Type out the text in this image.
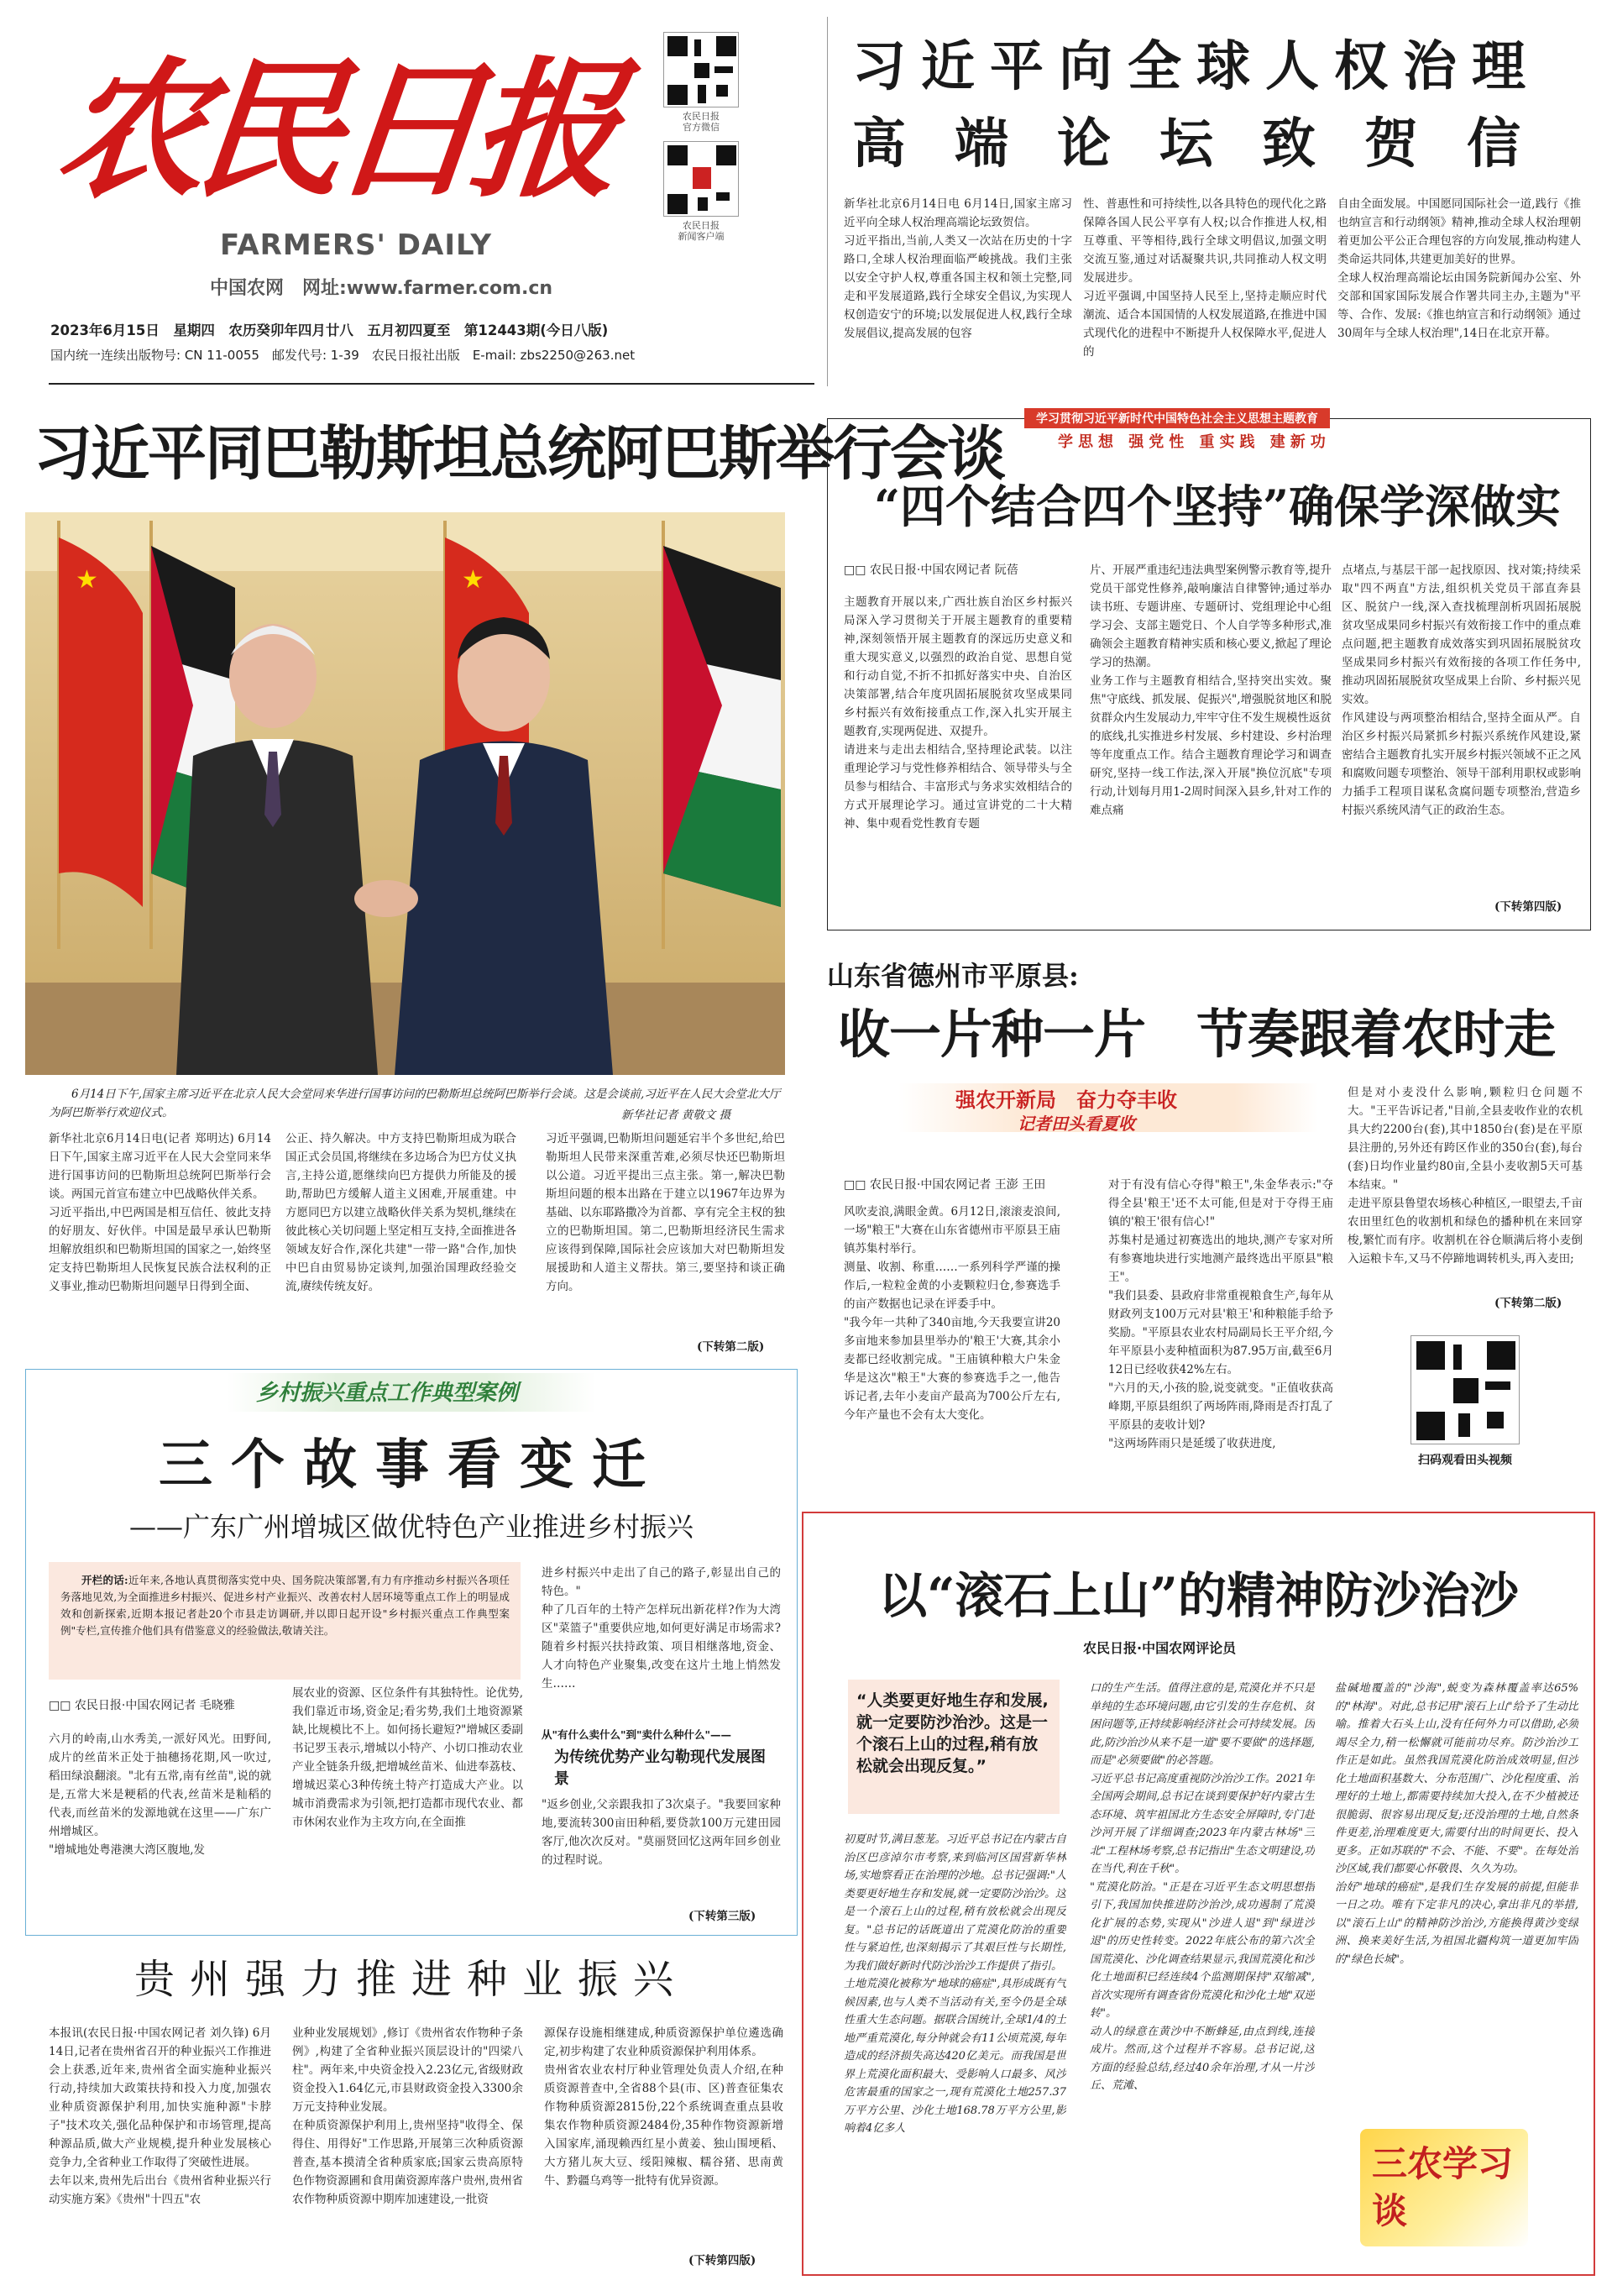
农民日报
FARMERS' DAILY
中国农网　网址:www.farmer.com.cn
农民日报
官方微信
农民日报
新闻客户端
2023年6月15日　星期四　农历癸卯年四月廿八　五月初四夏至　第12443期(今日八版)
国内统一连续出版物号: CN 11-0055　邮发代号: 1-39　农民日报社出版　E-mail: zbs2250@263.net
习近平向全球人权治理
高端论坛致贺信
新华社北京6月14日电 6月14日,国家主席习近平向全球人权治理高端论坛致贺信。
习近平指出,当前,人类又一次站在历史的十字路口,全球人权治理面临严峻挑战。我们主张以安全守护人权,尊重各国主权和领土完整,同走和平发展道路,践行全球安全倡议,为实现人权创造安宁的环境;以发展促进人权,践行全球发展倡议,提高发展的包容
性、普惠性和可持续性,以各具特色的现代化之路保障各国人民公平享有人权;以合作推进人权,相互尊重、平等相待,践行全球文明倡议,加强文明交流互鉴,通过对话凝聚共识,共同推动人权文明发展进步。
习近平强调,中国坚持人民至上,坚持走顺应时代潮流、适合本国国情的人权发展道路,在推进中国式现代化的进程中不断提升人权保障水平,促进人的
自由全面发展。中国愿同国际社会一道,践行《推也纳宣言和行动纲领》精神,推动全球人权治理朝着更加公平公正合理包容的方向发展,推动构建人类命运共同体,共建更加美好的世界。
全球人权治理高端论坛由国务院新闻办公室、外交部和国家国际发展合作署共同主办,主题为"平等、合作、发展:《推也纳宣言和行动纲领》通过30周年与全球人权治理",14日在北京开幕。
习近平同巴勒斯坦总统阿巴斯举行会谈
★	★
6月14日下午,国家主席习近平在北京人民大会堂同来华进行国事访问的巴勒斯坦总统阿巴斯举行会谈。这是会谈前,习近平在人民大会堂北大厅为阿巴斯举行欢迎仪式。	新华社记者 黄敬文 摄
新华社北京6月14日电(记者 郑明达) 6月14日下午,国家主席习近平在人民大会堂同来华进行国事访问的巴勒斯坦总统阿巴斯举行会谈。两国元首宣布建立中巴战略伙伴关系。
习近平指出,中巴两国是相互信任、彼此支持的好朋友、好伙伴。中国是最早承认巴勒斯坦解放组织和巴勒斯坦国的国家之一,始终坚定支持巴勒斯坦人民恢复民族合法权利的正义事业,推动巴勒斯坦问题早日得到全面、
公正、持久解决。中方支持巴勒斯坦成为联合国正式会员国,将继续在多边场合为巴方仗义执言,主持公道,愿继续向巴方提供力所能及的援助,帮助巴方缓解人道主义困难,开展重建。中方愿同巴方以建立战略伙伴关系为契机,继续在彼此核心关切问题上坚定相互支持,全面推进各领域友好合作,深化共建"一带一路"合作,加快中巴自由贸易协定谈判,加强治国理政经验交流,赓续传统友好。
习近平强调,巴勒斯坦问题延宕半个多世纪,给巴勒斯坦人民带来深重苦难,必须尽快还巴勒斯坦以公道。习近平提出三点主张。第一,解决巴勒斯坦问题的根本出路在于建立以1967年边界为基础、以东耶路撒冷为首都、享有完全主权的独立的巴勒斯坦国。第二,巴勒斯坦经济民生需求应该得到保障,国际社会应该加大对巴勒斯坦发展援助和人道主义帮扶。第三,要坚持和谈正确方向。
(下转第二版)
学习贯彻习近平新时代中国特色社会主义思想主题教育
学思想 强党性 重实践 建新功
“四个结合四个坚持”确保学深做实
□□ 农民日报·中国农网记者 阮蓓
主题教育开展以来,广西壮族自治区乡村振兴局深入学习贯彻关于开展主题教育的重要精神,深刻领悟开展主题教育的深远历史意义和重大现实意义,以强烈的政治自觉、思想自觉和行动自觉,不折不扣抓好落实中央、自治区决策部署,结合年度巩固拓展脱贫攻坚成果同乡村振兴有效衔接重点工作,深入扎实开展主题教育,实现两促进、双提升。
请进来与走出去相结合,坚持理论武装。以注重理论学习与党性修养相结合、领导带头与全员参与相结合、丰富形式与务求实效相结合的方式开展理论学习。通过宣讲党的二十大精神、集中观看党性教育专题
片、开展严重违纪违法典型案例警示教育等,提升党员干部党性修养,敲响廉洁自律警钟;通过举办读书班、专题讲座、专题研讨、党组理论中心组学习会、支部主题党日、个人自学等多种形式,准确领会主题教育精神实质和核心要义,掀起了理论学习的热潮。
业务工作与主题教育相结合,坚持突出实效。聚焦"守底线、抓发展、促振兴",增强脱贫地区和脱贫群众内生发展动力,牢牢守住不发生规模性返贫的底线,扎实推进乡村发展、乡村建设、乡村治理等年度重点工作。结合主题教育理论学习和调查研究,坚持一线工作法,深入开展"换位沉底"专项行动,计划每月用1-2周时间深入县乡,针对工作的难点痛
点堵点,与基层干部一起找原因、找对策;持续采取"四不两直"方法,组织机关党员干部直奔县区、脱贫户一线,深入查找梳理剖析巩固拓展脱贫攻坚成果同乡村振兴有效衔接工作中的重点难点问题,把主题教育成效落实到巩固拓展脱贫攻坚成果同乡村振兴有效衔接的各项工作任务中,推动巩固拓展脱贫攻坚成果上台阶、乡村振兴见实效。
作风建设与两项整治相结合,坚持全面从严。自治区乡村振兴局紧抓乡村振兴系统作风建设,紧密结合主题教育扎实开展乡村振兴领域不正之风和腐败问题专项整治、领导干部利用职权或影响力插手工程项目谋私贪腐问题专项整治,营造乡村振兴系统风清气正的政治生态。
(下转第四版)
山东省德州市平原县:
收一片种一片　节奏跟着农时走
强农开新局　奋力夺丰收
记者田头看夏收
□□ 农民日报·中国农网记者 王澎 王田
风吹麦浪,满眼金黄。6月12日,滚滚麦浪间,一场"粮王"大赛在山东省德州市平原县王庙镇苏集村举行。
测量、收割、称重……一系列科学严谨的操作后,一粒粒金黄的小麦颗粒归仓,参赛选手的亩产数据也记录在评委手中。
"我今年一共种了340亩地,今天我要宣讲20多亩地来参加县里举办的'粮王'大赛,其余小麦都已经收割完成。"王庙镇种粮大户朱金华是这次"粮王"大赛的参赛选手之一,他告诉记者,去年小麦亩产最高为700公斤左右,今年产量也不会有太大变化。
对于有没有信心夺得"粮王",朱金华表示:"夺得全县'粮王'还不太可能,但是对于夺得王庙镇的'粮王'很有信心!"
苏集村是通过初赛选出的地块,测产专家对所有参赛地块进行实地测产最终选出平原县"粮王"。
"我们县委、县政府非常重视粮食生产,每年从财政列支100万元对县'粮王'和种粮能手给予奖励。"平原县农业农村局副局长王平介绍,今年平原县小麦种植面积为87.95万亩,截至6月12日已经收获42%左右。
"六月的天,小孩的脸,说变就变。"正值收获高峰期,平原县组织了两场阵雨,降雨是否打乱了平原县的麦收计划?
"这两场阵雨只是延缓了收获进度,
但是对小麦没什么影响,颗粒归仓问题不大。"王平告诉记者,"目前,全县麦收作业的农机具大约2200台(套),其中1850台(套)是在平原县注册的,另外还有跨区作业的350台(套),每台(套)日均作业量约80亩,全县小麦收割5天可基本结束。"
走进平原县鲁望农场核心种植区,一眼望去,千亩农田里红色的收割机和绿色的播种机在来回穿梭,繁忙而有序。收割机在谷仓顺满后将小麦倒入运粮卡车,又马不停蹄地调转机头,再入麦田;
(下转第二版)
扫码观看田头视频
乡村振兴重点工作典型案例
三个故事看变迁
——广东广州增城区做优特色产业推进乡村振兴
开栏的话:近年来,各地认真贯彻落实党中央、国务院决策部署,有力有序推动乡村振兴各项任务落地见效,为全面推进乡村振兴、促进乡村产业振兴、改善农村人居环境等重点工作上的明显成效和创新探索,近期本报记者赴20个市县走访调研,并以即日起开设"乡村振兴重点工作典型案例"专栏,宣传推介他们具有借鉴意义的经验做法,敬请关注。
□□ 农民日报·中国农网记者 毛晓雅
六月的岭南,山水秀美,一派好风光。田野间,成片的丝苗米正处于抽穗扬花期,风一吹过,稻田绿浪翻滚。"北有五常,南有丝苗",说的就是,五常大米是粳稻的代表,丝苗米是籼稻的代表,而丝苗米的发源地就在这里——广东广州增城区。
"增城地处粤港澳大湾区腹地,发
展农业的资源、区位条件有其独特性。论优势,我们靠近市场,资金足;看劣势,我们土地资源紧缺,比规模比不上。如何扬长避短?"增城区委副书记罗玉表示,增城以小特产、小切口推动农业产业全链条升级,把增城丝苗米、仙进奉荔枝、增城迟菜心3种传统土特产打造成大产业。以城市消费需求为引领,把打造都市现代农业、都市休闲农业作为主攻方向,在全面推
进乡村振兴中走出了自己的路子,彰显出自己的特色。"
种了几百年的土特产怎样玩出新花样?作为大湾区"菜篮子"重要供应地,如何更好满足市场需求?随着乡村振兴扶持政策、项目相继落地,资金、人才向特色产业聚集,改变在这片土地上悄然发生……
从"有什么卖什么"到"卖什么种什么"——
为传统优势产业勾勒现代发展图景
"返乡创业,父亲跟我扣了3次桌子。"我要回家种地,要流转300亩田种稻,要贷款100万元建田园客厅,他次次反对。"莫丽贤回忆这两年回乡创业的过程时说。
(下转第三版)
贵州强力推进种业振兴
本报讯(农民日报·中国农网记者 刘久锋) 6月14日,记者在贵州省召开的种业振兴工作推进会上获悉,近年来,贵州省全面实施种业振兴行动,持续加大政策扶持和投入力度,加强农业种质资源保护利用,加快实施种源"卡脖子"技术攻关,强化品种保护和市场管理,提高种源品质,做大产业规模,提升种业发展核心竞争力,全省种业工作取得了突破性进展。
去年以来,贵州先后出台《贵州省种业振兴行动实施方案》《贵州"十四五"农
业种业发展规划》,修订《贵州省农作物种子条例》,构建了全省种业振兴顶层设计的"四梁八柱"。两年来,中央资金投入2.23亿元,省级财政资金投入1.64亿元,市县财政资金投入3300余万元支持种业发展。
在种质资源保护利用上,贵州坚持"收得全、保得住、用得好"工作思路,开展第三次种质资源普查,基本摸清全省种质家底;国家云贵高原特色作物资源圃和食用菌资源库落户贵州,贵州省农作物种质资源中期库加速建设,一批资
源保存设施相继建成,种质资源保护单位遴选确定,初步构建了农业种质资源保护利用体系。
贵州省农业农村厅种业管理处负责人介绍,在种质资源普查中,全省88个县(市、区)普查征集农作物种质资源2815份,22个系统调查重点县收集农作物种质资源2484份,35种作物资源新增入国家库,涌现赖西红星小黄姜、独山围埂稻、大方猪儿灰大豆、绥阳辣椒、糯谷猪、思南黄牛、黔疆乌鸡等一批特有优异资源。
(下转第四版)
以“滚石上山”的精神防沙治沙
农民日报·中国农网评论员
“人类要更好地生存和发展,就一定要防沙治沙。这是一个滚石上山的过程,稍有放松就会出现反复。”
初夏时节,满目葱茏。习近平总书记在内蒙古自治区巴彦淖尔市考察,来到临河区国营新华林场,实地察看正在治理的沙地。总书记强调:"人类要更好地生存和发展,就一定要防沙治沙。这是一个滚石上山的过程,稍有放松就会出现反复。"总书记的话既道出了荒漠化防治的重要性与紧迫性,也深刻揭示了其艰巨性与长期性,为我们做好新时代防沙治沙工作提供了指引。
土地荒漠化被称为"地球的癌症",具形成既有气候因素,也与人类不当活动有关,至今仍是全球性重大生态问题。据联合国统计,全球1/4的土地严重荒漠化,每分钟就会有11公顷荒漠,每年造成的经济损失高达420亿美元。而我国是世界上荒漠化面积最大、受影响人口最多、风沙危害最重的国家之一,现有荒漠化土地257.37万平方公里、沙化土地168.78万平方公里,影响着4亿多人
口的生产生活。值得注意的是,荒漠化并不只是单纯的生态环境问题,由它引发的生存危机、贫困问题等,正持续影响经济社会可持续发展。因此,防沙治沙从来不是一道"要不要做"的选择题,而是"必须要做"的必答题。
习近平总书记高度重视防沙治沙工作。2021年全国两会期间,总书记在谈到要保护好内蒙古生态环境、筑牢祖国北方生态安全屏障时,专门赴沙河开展了详细调查;2023年内蒙古林场"三北"工程林场考察,总书记指出"生态文明建设,功在当代,利在千秋"。
"荒漠化防治。"正是在习近平生态文明思想指引下,我国加快推进防沙治沙,成功遏制了荒漠化扩展的态势,实现从"沙进人退"到"绿进沙退"的历史性转变。2022年底公布的第六次全国荒漠化、沙化调查结果显示,我国荒漠化和沙化土地面积已经连续4个监测期保持"双缩减",首次实现所有调查省份荒漠化和沙化土地"双逆转"。
动人的绿意在黄沙中不断蜂延,由点到线,连接成片。然而,这个过程并不容易。总书记说,这方面的经验总结,经过40余年治理,才从一片沙丘、荒滩、
盐碱地覆盖的"沙海",蜕变为森林覆盖率达65%的"林海"。对此,总书记用"滚石上山"给予了生动比喻。推着大石头上山,没有任何外力可以借助,必须竭尽全力,稍一松懈就可能前功尽弃。防沙治沙工作正是如此。虽然我国荒漠化防治成效明显,但沙化土地面积基数大、分布范围广、沙化程度重、治理好的土地上,都需要持续加大投入,在不少植被还很脆弱、很容易出现反复;还没治理的土地,自然条件更差,治理难度更大,需要付出的时间更长、投入更多。正如苏联的"不会、不能、不要"。在每处治沙区域,我们都要心怀敬畏、久久为功。
治好"地球的癌症",是我们生存发展的前提,但能非一日之功。唯有下定非凡的决心,拿出非凡的举措,以"滚石上山"的精神防沙治沙,方能换得黄沙变绿洲、换来美好生活,为祖国北疆构筑一道更加牢固的"绿色长城"。
三农学习谈
